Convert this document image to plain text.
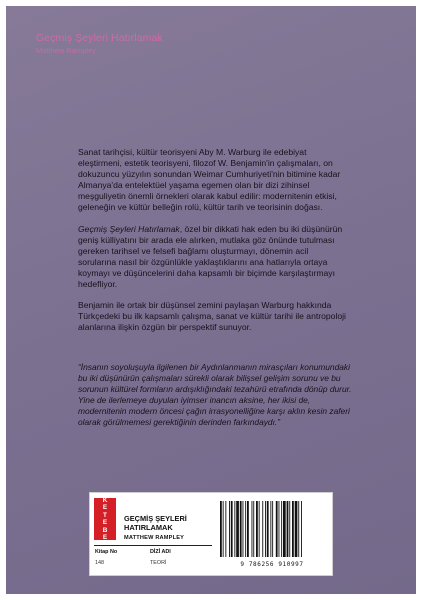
Geçmiş Şeyleri Hatırlamak
Matthew Rampley

Sanat tarihçisi, kültür teorisyeni Aby M. Warburg ile edebiyat eleştirmeni, estetik teorisyeni, filozof W. Benjamin'in çalışmaları, on dokuzuncu yüzyılın sonundan Weimar Cumhuriyeti'nin bitimine kadar Almanya'da entelektüel yaşama egemen olan bir dizi zihinsel meşguliyetin önemli örnekleri olarak kabul edilir: modernitenin etkisi, geleneğin ve kültür belleğin rolü, kültür tarih ve teorisinin doğası.

Geçmiş Şeyleri Hatırlamak, özel bir dikkati hak eden bu iki düşünürün geniş külliyatını bir arada ele alırken, mutlaka göz önünde tutulması gereken tarihsel ve felsefi bağlamı oluşturmayı, dönemin acil sorularına nasıl bir özgünlükle yaklaştıklarını ana hatlarıyla ortaya koymayı ve düşüncelerini daha kapsamlı bir biçimde karşılaştırmayı hedefliyor.

Benjamin ile ortak bir düşünsel zemini paylaşan Warburg hakkında Türkçedeki bu ilk kapsamlı çalışma, sanat ve kültür tarihi ile antropoloji alanlarına ilişkin özgün bir perspektif sunuyor.

“İnsanın soyoluşuyla ilgilenen bir Aydınlanmanın mirasçıları konumundaki bu iki düşünürün çalışmaları sürekli olarak bilişsel gelişim sorunu ve bu sorunun kültürel formların ardışıklığındaki tezahürü etrafında dönüp durur. Yine de ilerlemeye duyulan iyimser inancın aksine, her ikisi de, modernitenin modern öncesi çağın irrasyonelliğine karşı aklın kesin zaferi olarak görülmemesi gerektiğinin derinden farkındaydı.”

K
E
T
E
B
E
GEÇMİŞ ŞEYLERİ
HATIRLAMAK
MATTHEW RAMPLEY
Kitap No	DİZİ ADI
148	TEORİ	9 786256 910997
